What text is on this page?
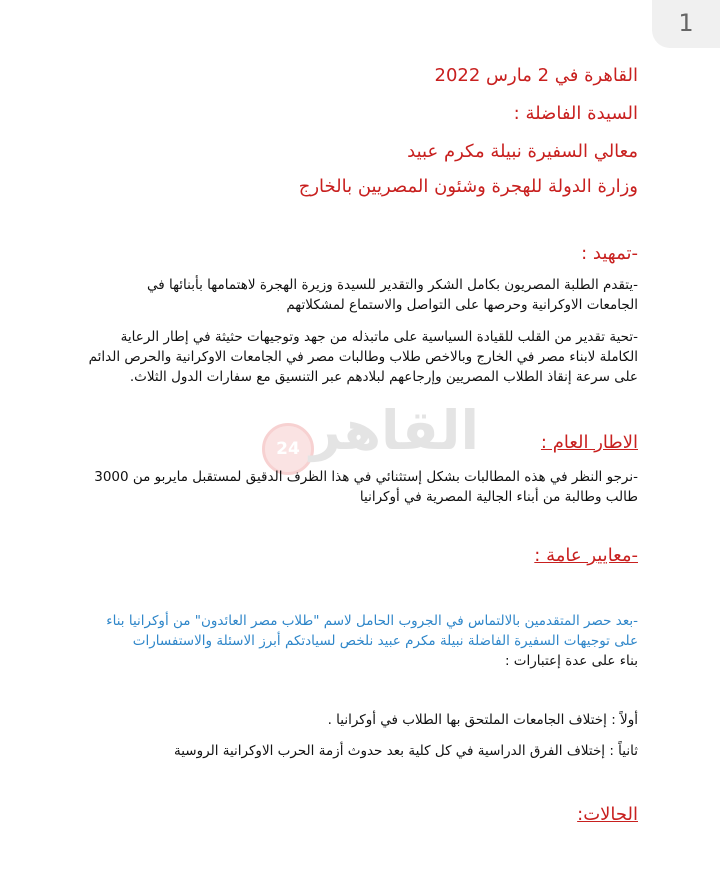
1
القاهرة في 2 مارس 2022
السيدة الفاضلة :
معالي السفيرة نبيلة مكرم عبيد
وزارة الدولة للهجرة وشئون المصريين بالخارج
-تمهيد :
-يتقدم الطلبة المصريون بكامل الشكر والتقدير للسيدة وزيرة الهجرة لاهتمامها بأبنائها في
الجامعات الاوكرانية وحرصها على التواصل والاستماع لمشكلاتهم
-تحية تقدير من القلب للقيادة السياسية على ماتبذله من جهد وتوجيهات حثيثة في إطار الرعاية
الكاملة لابناء مصر في الخارج وبالاخص طلاب وطالبات مصر في الجامعات الاوكرانية والحرص الدائم
على سرعة إنقاذ الطلاب المصريين وإرجاعهم لبلادهم عبر التنسيق مع سفارات الدول الثلاث.
24 القاهر	الاطار العام :
-نرجو النظر في هذه المطالبات بشكل إستثنائي في هذا الظرف الدقيق لمستقبل مايربو من 3000
طالب وطالبة من أبناء الجالية المصرية في أوكرانيا
-معايير عامة :
-بعد حصر المتقدمين بالالتماس في الجروب الحامل لاسم "طلاب مصر العائدون" من أوكرانيا بناء
على توجيهات السفيرة الفاضلة نبيلة مكرم عبيد نلخص لسيادتكم أبرز الاسئلة والاستفسارات
بناء على عدة إعتبارات :
أولاً : إختلاف الجامعات الملتحق بها الطلاب في أوكرانيا .
ثانياً : إختلاف الفرق الدراسية في كل كلية بعد حدوث أزمة الحرب الاوكرانية الروسية
الحالات:
